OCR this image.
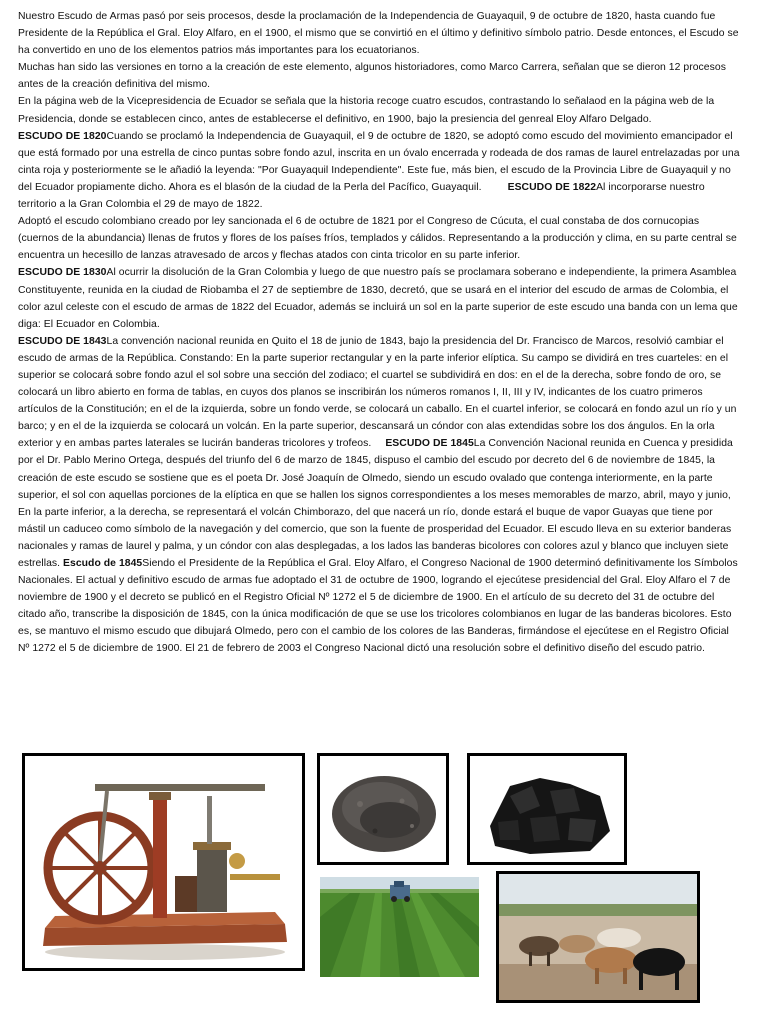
Nuestro Escudo de Armas pasó por seis procesos, desde la proclamación de la Independencia de Guayaquil, 9 de octubre de 1820, hasta cuando fue Presidente de la República el Gral. Eloy Alfaro, en el 1900, el mismo que se convirtió en el último y definitivo símbolo patrio. Desde entonces, el Escudo se ha convertido en uno de los elementos patrios más importantes para los ecuatorianos.

Muchas han sido las versiones en torno a la creación de este elemento, algunos historiadores, como Marco Carrera, señalan que se dieron 12 procesos antes de la creación definitiva del mismo.

En la página web de la Vicepresidencia de Ecuador se señala que la historia recoge cuatro escudos, contrastando lo señalaod en la página web de la Presidencia, donde se establecen cinco, antes de establecerse el definitivo, en 1900, bajo la presiencia del genreal Eloy Alfaro Delgado.

ESCUDO DE 1820Cuando se proclamó la Independencia de Guayaquil, el 9 de octubre de 1820, se adoptó como escudo del movimiento emancipador el que está formado por una estrella de cinco puntas sobre fondo azul, inscrita en un óvalo encerrada y rodeada de dos ramas de laurel entrelazadas por una cinta roja y posteriormente se le añadió la leyenda: "Por Guayaquil Independiente". Este fue, más bien, el escudo de la Provincia Libre de Guayaquil y no del Ecuador propiamente dicho. Ahora es el blasón de la ciudad de la Perla del Pacífico, Guayaquil.	ESCUDO DE 1822Al incorporarse nuestro territorio a la Gran Colombia el 29 de mayo de 1822.

Adoptó el escudo colombiano creado por ley sancionada el 6 de octubre de 1821 por el Congreso de Cúcuta, el cual constaba de dos cornucopias (cuernos de la abundancia) llenas de frutos y flores de los países fríos, templados y cálidos. Representando a la producción y clima, en su parte central se encuentra un hecesillo de lanzas atravesado de arcos y flechas atados con cinta tricolor en su parte inferior.

ESCUDO DE 1830Al ocurrir la disolución de la Gran Colombia y luego de que nuestro país se proclamara soberano e independiente, la primera Asamblea Constituyente, reunida en la ciudad de Riobamba el 27 de septiembre de 1830, decretó, que se usará en el interior del escudo de armas de Colombia, el color azul celeste con el escudo de armas de 1822 del Ecuador, además se incluirá un sol en la parte superior de este escudo una banda con un lema que diga: El Ecuador en Colombia.

ESCUDO DE 1843La convención nacional reunida en Quito el 18 de junio de 1843, bajo la presidencia del Dr. Francisco de Marcos, resolvió cambiar el escudo de armas de la República. Constando: En la parte superior rectangular y en la parte inferior elíptica. Su campo se dividirá en tres cuarteles: en el superior se colocará sobre fondo azul el sol sobre una sección del zodiaco; el cuartel se subdividirá en dos: en el de la derecha, sobre fondo de oro, se colocará un libro abierto en forma de tablas, en cuyos dos planos se inscribirán los números romanos I, II, III y IV, indicantes de los cuatro primeros artículos de la Constitución; en el de la izquierda, sobre un fondo verde, se colocará un caballo. En el cuartel inferior, se colocará en fondo azul un río y un barco; y en el de la izquierda se colocará un volcán. En la parte superior, descansará un cóndor con alas extendidas sobre los dos ángulos. En la orla exterior y en ambas partes laterales se lucirán banderas tricolores y trofeos. ESCUDO DE 1845La Convención Nacional reunida en Cuenca y presidida por el Dr. Pablo Merino Ortega, después del triunfo del 6 de marzo de 1845, dispuso el cambio del escudo por decreto del 6 de noviembre de 1845, la creación de este escudo se sostiene que es el poeta Dr. José Joaquín de Olmedo, siendo un escudo ovalado que contenga interiormente, en la parte superior, el sol con aquellas porciones de la elíptica en que se hallen los signos correspondientes a los meses memorables de marzo, abril, mayo y junio, En la parte inferior, a la derecha, se representará el volcán Chimborazo, del que nacerá un río, donde estará el buque de vapor Guayas que tiene por mástil un caduceo como símbolo de la navegación y del comercio, que son la fuente de prosperidad del Ecuador. El escudo lleva en su exterior banderas nacionales y ramas de laurel y palma, y un cóndor con alas desplegadas, a los lados las banderas bicolores con colores azul y blanco que incluyen siete estrellas. Escudo de 1845Siendo el Presidente de la República el Gral. Eloy Alfaro, el Congreso Nacional de 1900 determinó definitivamente los Símbolos Nacionales. El actual y definitivo escudo de armas fue adoptado el 31 de octubre de 1900, logrando el ejecútese presidencial del Gral. Eloy Alfaro el 7 de noviembre de 1900 y el decreto se publicó en el Registro Oficial Nº 1272 el 5 de diciembre de 1900. En el artículo de su decreto del 31 de octubre del citado año, transcribe la disposición de 1845, con la única modificación de que se use los tricolores colombianos en lugar de las banderas bicolores. Esto es, se mantuvo el mismo escudo que dibujará Olmedo, pero con el cambio de los colores de las Banderas, firmándose el ejecútese en el Registro Oficial Nº 1272 el 5 de diciembre de 1900. El 21 de febrero de 2003 el Congreso Nacional dictó una resolución sobre el definitivo diseño del escudo patrio.
